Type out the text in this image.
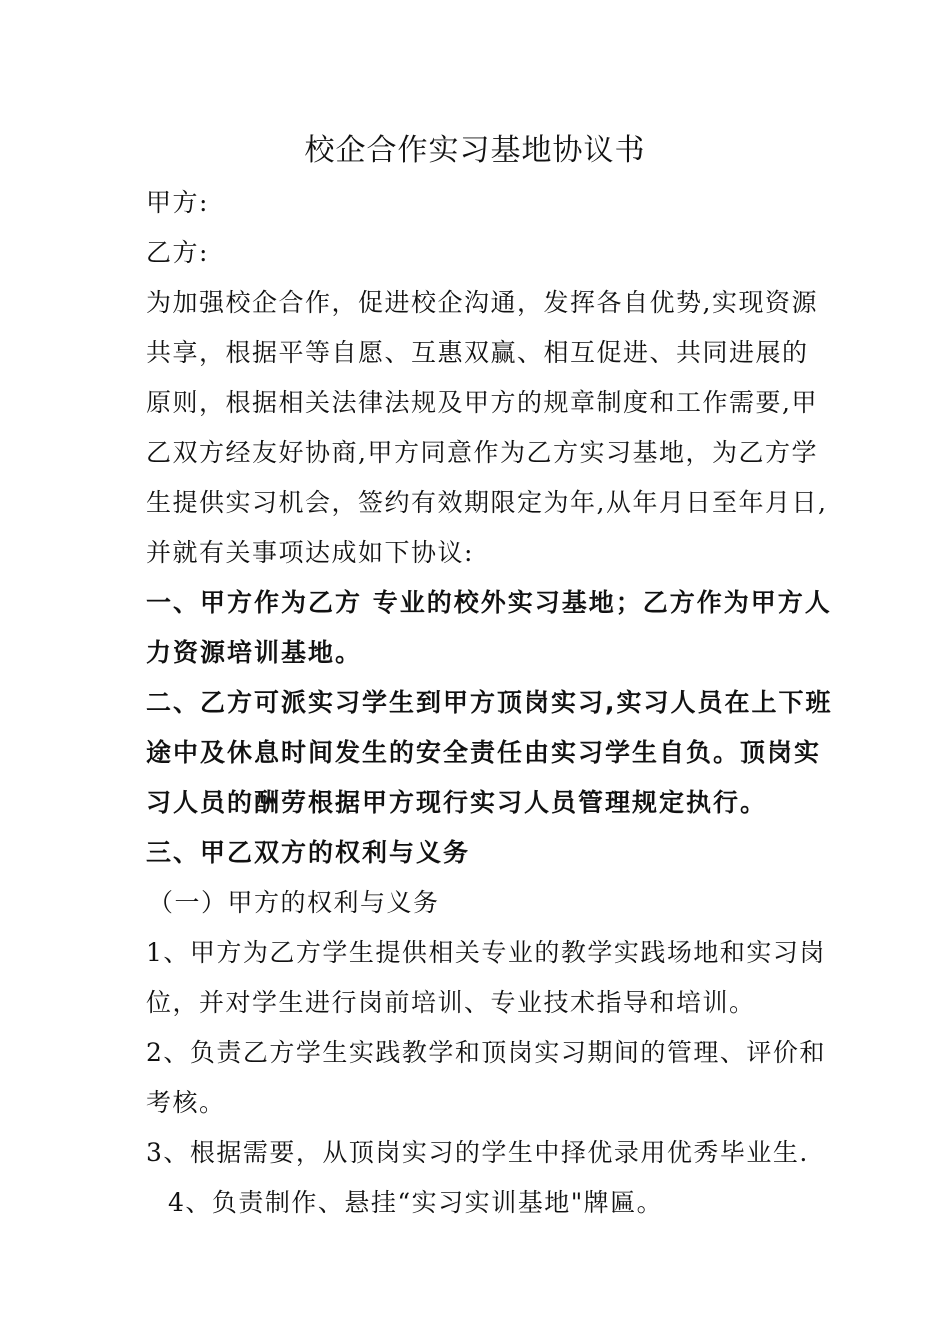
校企合作实习基地协议书
甲方:
乙方:
为加强校企合作，促进校企沟通，发挥各自优势,实现资源
共享，根据平等自愿、互惠双赢、相互促进、共同进展的
原则，根据相关法律法规及甲方的规章制度和工作需要,甲
乙双方经友好协商,甲方同意作为乙方实习基地，为乙方学
生提供实习机会，签约有效期限定为年,从年月日至年月日,
并就有关事项达成如下协议:
一、甲方作为乙方 专业的校外实习基地；乙方作为甲方人
力资源培训基地。
二、乙方可派实习学生到甲方顶岗实习,实习人员在上下班
途中及休息时间发生的安全责任由实习学生自负。顶岗实
习人员的酬劳根据甲方现行实习人员管理规定执行。
三、甲乙双方的权利与义务
（一）甲方的权利与义务
1、甲方为乙方学生提供相关专业的教学实践场地和实习岗
位，并对学生进行岗前培训、专业技术指导和培训。
2、负责乙方学生实践教学和顶岗实习期间的管理、评价和
考核。
3、根据需要，从顶岗实习的学生中择优录用优秀毕业生.
4、负责制作、悬挂“实习实训基地"牌匾。
